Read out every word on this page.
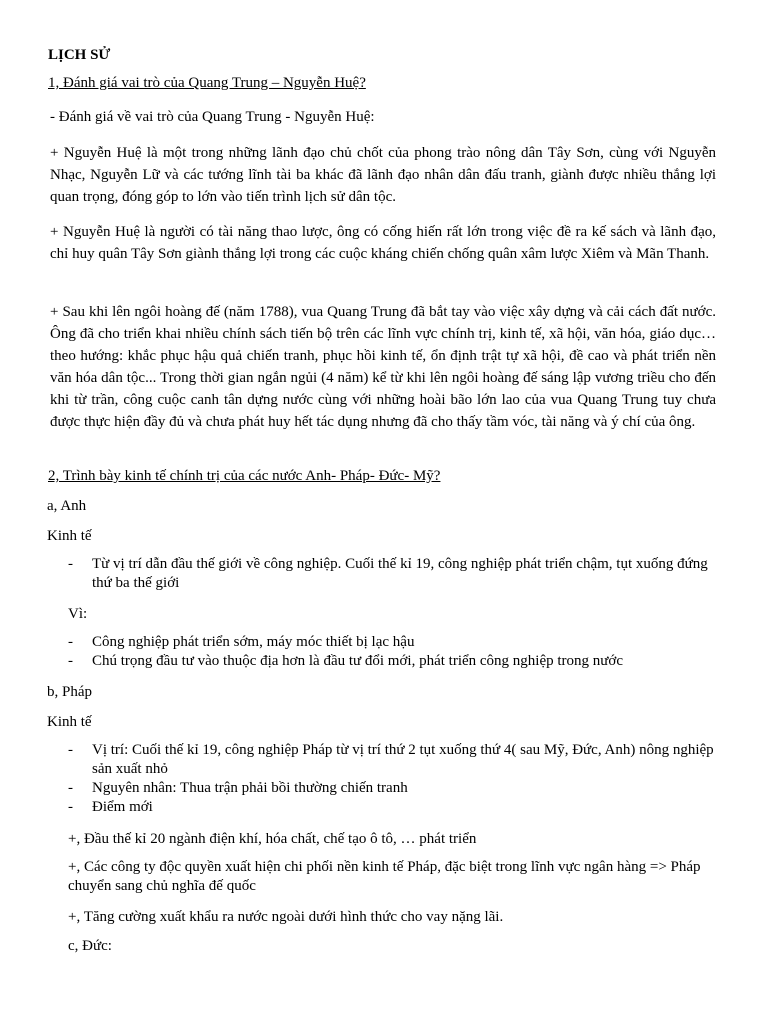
LỊCH SỬ
1, Đánh giá vai trò của Quang Trung – Nguyễn Huệ?
- Đánh giá về vai trò của Quang Trung - Nguyễn Huệ:
+ Nguyễn Huệ là một trong những lãnh đạo chủ chốt của phong trào nông dân Tây Sơn, cùng với Nguyễn Nhạc, Nguyễn Lữ và các tướng lĩnh tài ba khác đã lãnh đạo nhân dân đấu tranh, giành được nhiều thắng lợi quan trọng, đóng góp to lớn vào tiến trình lịch sử dân tộc.
+ Nguyễn Huệ là người có tài năng thao lược, ông có cống hiến rất lớn trong việc đề ra kế sách và lãnh đạo, chỉ huy quân Tây Sơn giành thắng lợi trong các cuộc kháng chiến chống quân xâm lược Xiêm và Mãn Thanh.
+ Sau khi lên ngôi hoàng đế (năm 1788), vua Quang Trung đã bắt tay vào việc xây dựng và cải cách đất nước. Ông đã cho triển khai nhiều chính sách tiến bộ trên các lĩnh vực chính trị, kinh tế, xã hội, văn hóa, giáo dục… theo hướng: khắc phục hậu quả chiến tranh, phục hồi kinh tế, ổn định trật tự xã hội, đề cao và phát triển nền văn hóa dân tộc... Trong thời gian ngắn ngủi (4 năm) kể từ khi lên ngôi hoàng đế sáng lập vương triều cho đến khi từ trần, công cuộc canh tân dựng nước cùng với những hoài bão lớn lao của vua Quang Trung tuy chưa được thực hiện đầy đủ và chưa phát huy hết tác dụng nhưng đã cho thấy tầm vóc, tài năng và ý chí của ông.
2, Trình bày kinh tế chính trị của các nước Anh- Pháp- Đức- Mỹ?
a, Anh
Kinh tế
- Từ vị trí dẫn đầu thế giới về công nghiệp. Cuối thế kỉ 19, công nghiệp phát triển chậm, tụt xuống đứng thứ ba thế giới
Vì:
- Công nghiệp phát triển sớm, máy móc thiết bị lạc hậu
- Chú trọng đầu tư vào thuộc địa hơn là đầu tư đổi mới, phát triển công nghiệp trong nước
b, Pháp
Kinh tế
- Vị trí: Cuối thế kỉ 19, công nghiệp Pháp từ vị trí thứ 2 tụt xuống thứ 4( sau Mỹ, Đức, Anh) nông nghiệp sản xuất nhỏ
- Nguyên nhân: Thua trận phải bồi thường chiến tranh
- Điểm mới
+, Đầu thế kỉ 20 ngành điện khí, hóa chất, chế tạo ô tô, … phát triển
+, Các công ty độc quyền xuất hiện chi phối nền kinh tế Pháp, đặc biệt trong lĩnh vực ngân hàng => Pháp chuyển sang chủ nghĩa đế quốc
+, Tăng cường xuất khẩu ra nước ngoài dưới hình thức cho vay nặng lãi.
c, Đức:
